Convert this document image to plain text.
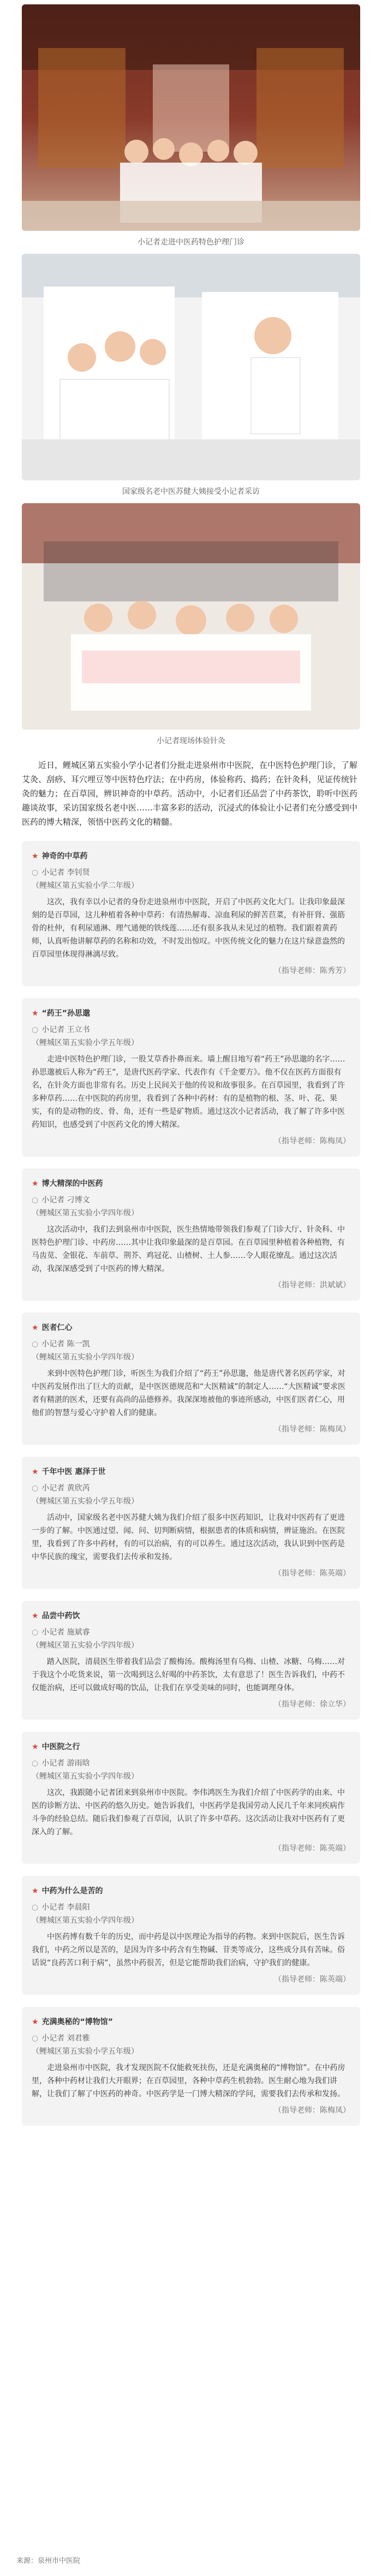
小记者走进中医药特色护理门诊
国家级名老中医苏健大姨接受小记者采访
小记者现场体验针灸
近日，鲤城区第五实验小学小记者们分批走进泉州市中医院，在中医特色护理门诊，了解艾灸、刮痧、耳穴埋豆等中医特色疗法；在中药房，体验称药、捣药；在针灸科，见证传统针灸的魅力；在百草园，辨识神奇的中草药。活动中，小记者们还品尝了中药茶饮，聆听中医药趣谈故事，采访国家级名老中医……丰富多彩的活动，沉浸式的体验让小记者们充分感受到中医药的博大精深，领悟中医药文化的精髓。
★ 神奇的中草药
○ 小记者 李钊贤
（鲤城区第五实验小学二年级）
这次，我有幸以小记者的身份走进泉州市中医院，开启了中医药文化大门。让我印象最深刻的是百草园，这儿种植着各种中草药：有清热解毒、凉血利尿的鲜苦苣菜，有补肝肾、强筋骨的杜仲，有利尿通淋、理气通便的铁线莲……还有很多我从未见过的植物。我们跟着黄药师，认真听他讲解草药的名称和功效，不时发出惊叹。中医传统文化的魅力在这片绿意盎然的百草园里体现得淋漓尽致。
（指导老师：陈秀芳）
★ “药王”孙思邈
○ 小记者 王立书
（鲤城区第五实验小学五年级）
走进中医特色护理门诊，一股艾草香扑鼻而来。墙上醒目地写着“药王”孙思邈的名字……孙思邈被后人称为“药王”，是唐代医药学家、代表作有《千金要方》。他不仅在医药方面很有名，在针灸方面也非常有名。历史上民间关于他的传说和故事很多。在百草园里，我看到了许多种草药……在中医院的药房里，我看到了各种中药材：有的是植物的根、茎、叶、花、果实，有的是动物的皮、骨、角，还有一些是矿物质。通过这次小记者活动，我了解了许多中医药知识，也感受到了中医药文化的博大精深。
（指导老师：陈梅凤）
★ 博大精深的中医药
○ 小记者 刁博文
（鲤城区第五实验小学四年级）
这次活动中，我们去到泉州市中医院，医生热情地带领我们参观了门诊大厅、针灸科、中医特色护理门诊、中药房……其中让我印象最深的是百草园。在百草园里种植着各种植物，有马齿苋、金银花、车前草、荆芥、鸡冠花、山楂树、土人参……令人眼花缭乱。通过这次活动，我深深感受到了中医药的博大精深。
（指导老师：洪斌斌）
★ 医者仁心
○ 小记者 陈一凯
（鲤城区第五实验小学四年级）
来到中医特色护理门诊，听医生为我们介绍了“药王”孙思邈，他是唐代著名医药学家，对中医药发展作出了巨大的贡献，是中医医德规范和“大医精诚”的制定人……“大医精诚”要求医者有精湛的医术，还要有高尚的品德修养。我深深地被他的事迹所感动，中医们医者仁心，用他们的智慧与爱心守护着人们的健康。
（指导老师：陈梅凤）
★ 千年中医 惠泽于世
○ 小记者 黄欣芮
（鲤城区第五实验小学五年级）
活动中，国家级名老中医苏健大姨为我们介绍了很多中医药知识，让我对中医药有了更进一步的了解。中医通过望、闻、问、切判断病情，根据患者的体质和病情，辨证施治。在医院里，我看到了许多中药材，有的可以治病，有的可以养生。通过这次活动，我认识到中医药是中华民族的瑰宝，需要我们去传承和发扬。
（指导老师：陈英端）
★ 品尝中药饮
○ 小记者 施斌睿
（鲤城区第五实验小学四年级）
踏入医院，清晨医生带着我们品尝了酸梅汤。酸梅汤里有乌梅、山楂、冰糖、乌梅……对于我这个小吃货来说，第一次喝到这么好喝的中药茶饮，太有意思了！医生告诉我们，中药不仅能治病，还可以做成好喝的饮品，让我们在享受美味的同时，也能调理身体。
（指导老师：徐立华）
★ 中医院之行
○ 小记者 游雨晗
（鲤城区第五实验小学四年级）
这次，我跟随小记者团来到泉州市中医院。李伟鸿医生为我们介绍了中医药学的由来、中医的诊断方法、中医药的悠久历史。她告诉我们，中医药学是我国劳动人民几千年来同疾病作斗争的经验总结。随后我们参观了百草园，认识了许多中草药。这次活动让我对中医药有了更深入的了解。
（指导老师：陈英端）
★ 中药为什么是苦的
○ 小记者 李晨阳
（鲤城区第五实验小学四年级）
中医药博有数千年的历史，而中药是以中医理论为指导的药物。来到中医院后，医生告诉我们，中药之所以是苦的，是因为许多中药含有生物碱、苷类等成分，这些成分具有苦味。俗话说“良药苦口利于病”，虽然中药很苦，但是它能帮助我们治病，守护我们的健康。
（指导老师：陈英端）
★ 充满奥秘的“博物馆”
○ 小记者 刘君雅
（鲤城区第五实验小学五年级）
走进泉州市中医院，我才发现医院不仅能救死扶伤，还是充满奥秘的“博物馆”。在中药房里，各种中药材让我们大开眼界；在百草园里，各种中草药生机勃勃。医生耐心地为我们讲解，让我们了解了中医药的神奇。中医药学是一门博大精深的学问，需要我们去传承和发扬。
（指导老师：陈梅凤）
来源：泉州市中医院
